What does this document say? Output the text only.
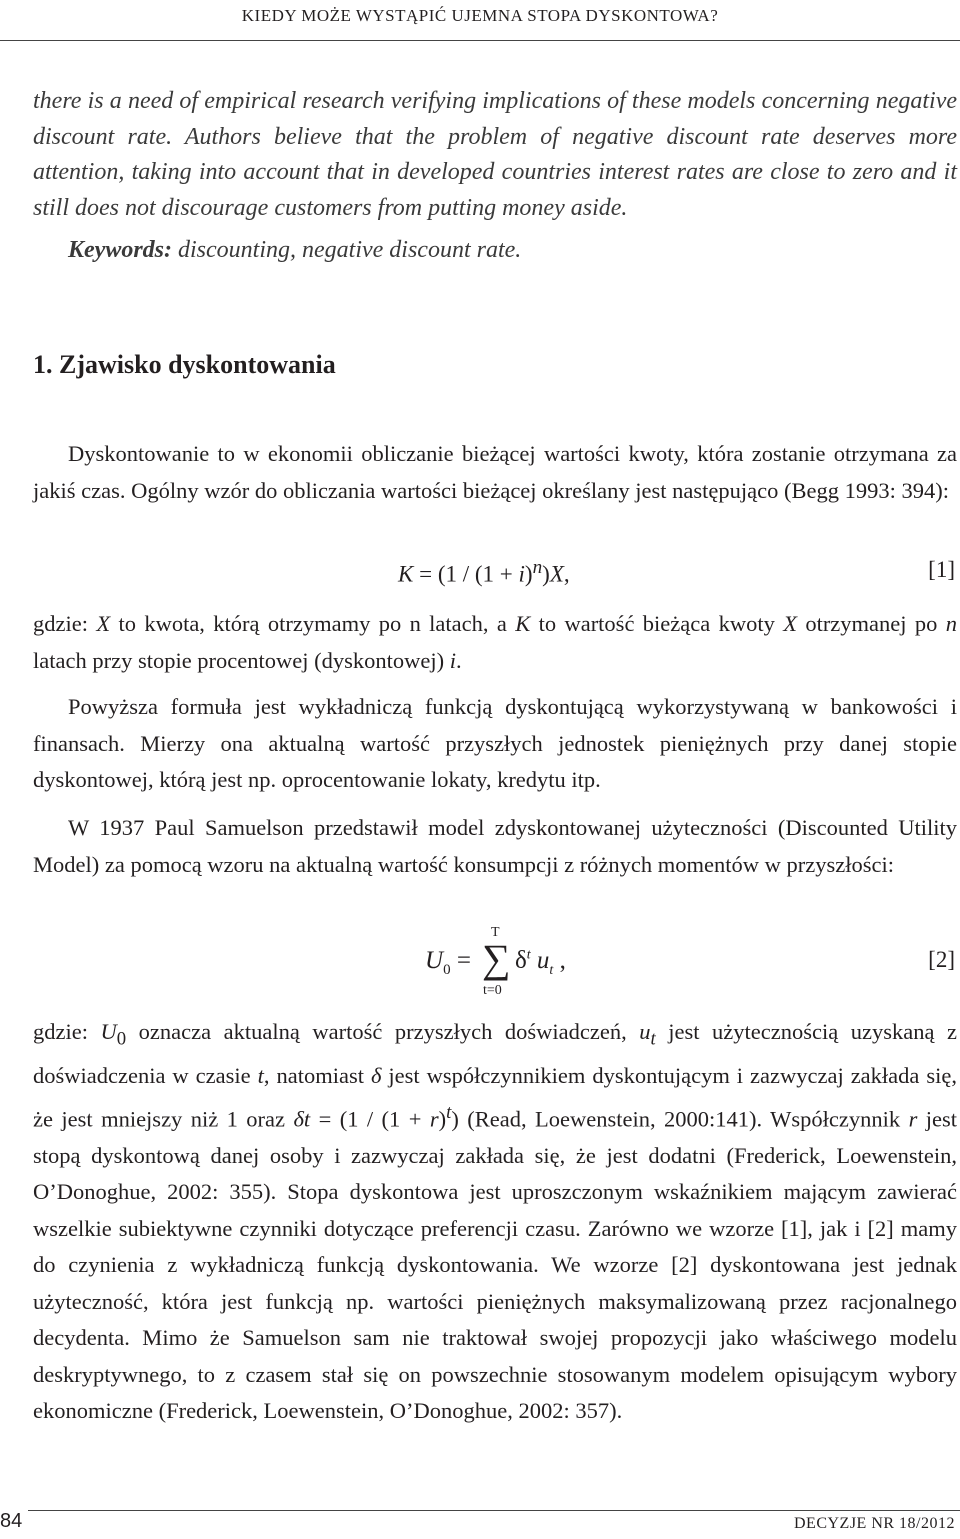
KIEDY MOŻE WYSTĄPIĆ UJEMNA STOPA DYSKONTOWA?

there is a need of empirical research verifying implications of these models concerning negative discount rate. Authors believe that the problem of negative discount rate deserves more attention, taking into account that in developed countries interest rates are close to zero and it still does not discourage customers from putting money aside.

Keywords: discounting, negative discount rate.
1. Zjawisko dyskontowania

Dyskontowanie to w ekonomii obliczanie bieżącej wartości kwoty, która zostanie otrzymana za jakiś czas. Ogólny wzór do obliczania wartości bieżącej określany jest następująco (Begg 1993: 394):

$K = (1 / (1 + i)^n)X$,	[1]

gdzie: X to kwota, którą otrzymamy po n latach, a K to wartość bieżąca kwoty X otrzymanej po n latach przy stopie procentowej (dyskontowej) i.

Powyższa formuła jest wykładniczą funkcją dyskontującą wykorzystywaną w bankowości i finansach. Mierzy ona aktualną wartość przyszłych jednostek pieniężnych przy danej stopie dyskontowej, którą jest np. oprocentowanie lokaty, kredytu itp.

W 1937 Paul Samuelson przedstawił model zdyskontowanej użyteczności (Discounted Utility Model) za pomocą wzoru na aktualną wartość konsumpcji z różnych momentów w przyszłości:

$U_0$ =
T
∑
t=0
$\delta^t$ $u_t$ ,	[2]

gdzie: $U_0$ oznacza aktualną wartość przyszłych doświadczeń, $u_t$ jest użytecznością uzyskaną z doświadczenia w czasie t, natomiast δ jest współczynnikiem dyskontującym i zazwyczaj zakłada się, że jest mniejszy niż 1 oraz $\delta t = (1 / (1 + r)^t)$ (Read, Loewenstein, 2000:141). Współczynnik r jest stopą dyskontową danej osoby i zazwyczaj zakłada się, że jest dodatni (Frederick, Loewenstein, O’Donoghue, 2002: 355). Stopa dyskontowa jest uproszczonym wskaźnikiem mającym zawierać wszelkie subiektywne czynniki dotyczące preferencji czasu. Zarówno we wzorze [1], jak i [2] mamy do czynienia z wykładniczą funkcją dyskontowania. We wzorze [2] dyskontowana jest jednak użyteczność, która jest funkcją np. wartości pieniężnych maksymalizowaną przez racjonalnego decydenta. Mimo że Samuelson sam nie traktował swojej propozycji jako właściwego modelu deskryptywnego, to z czasem stał się on powszechnie stosowanym modelem opisującym wybory ekonomiczne (Frederick, Loewenstein, O’Donoghue, 2002: 357).

84	DECYZJE NR 18/2012
